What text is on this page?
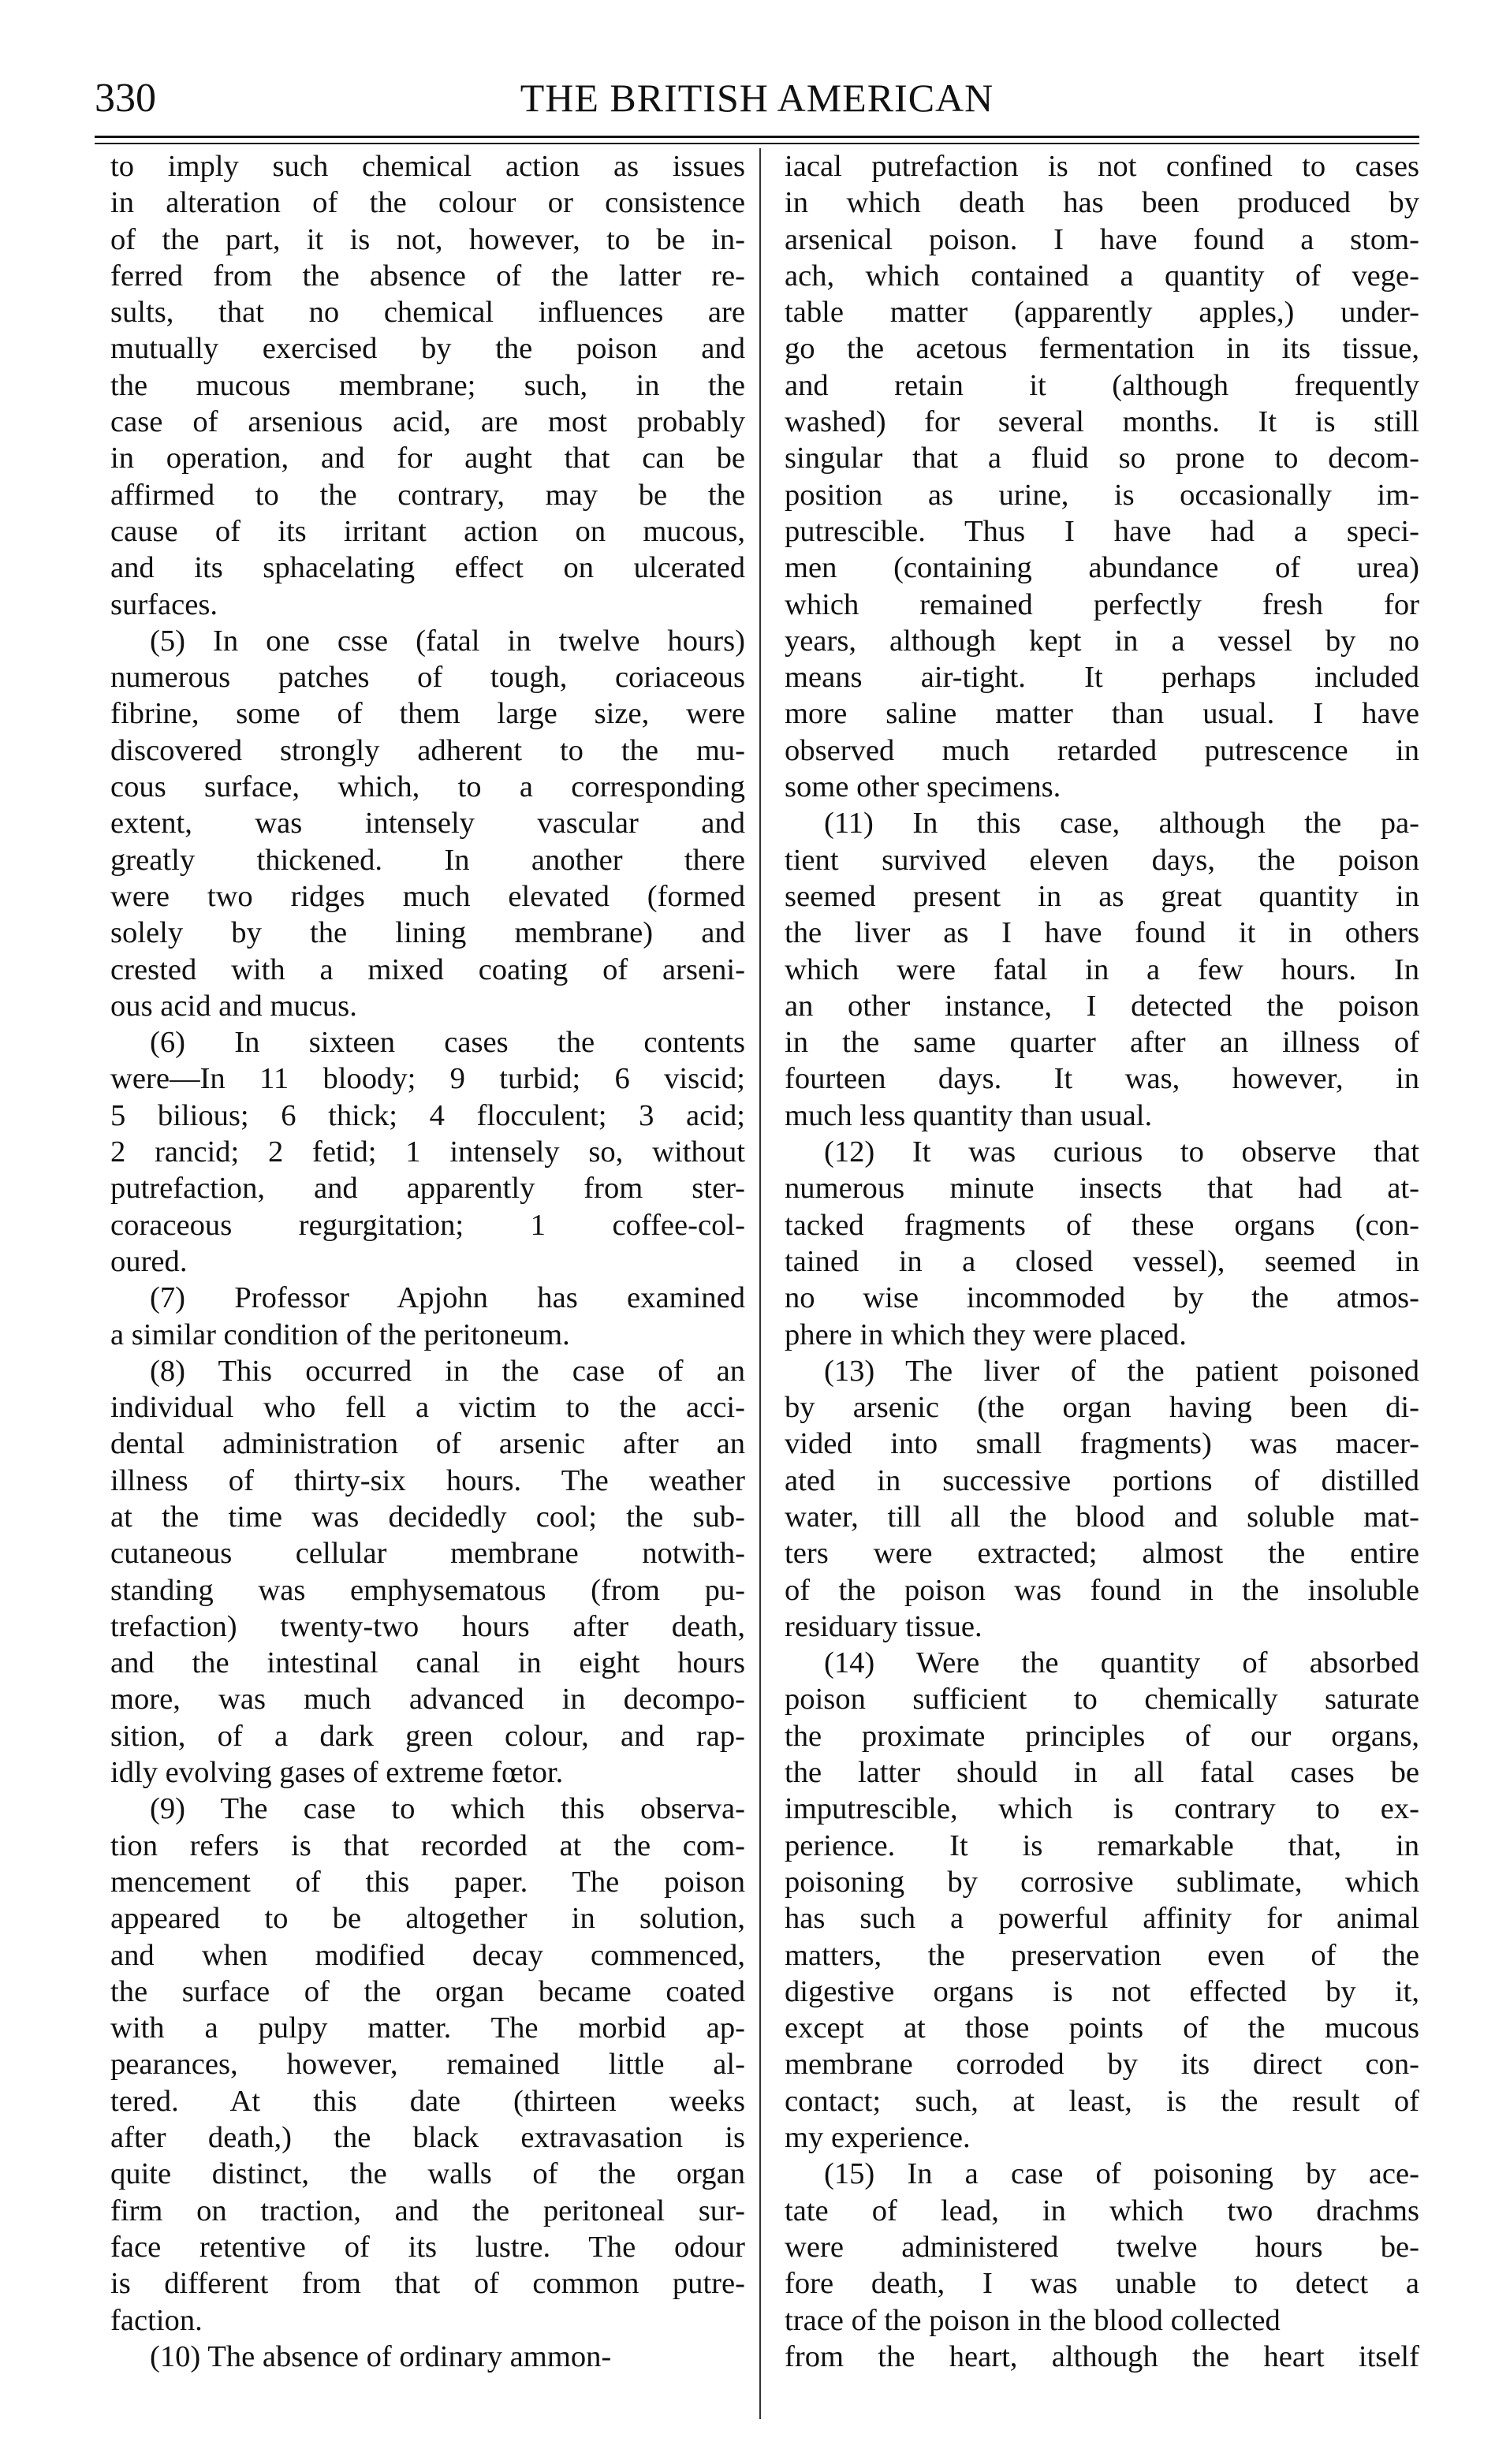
330	THE BRITISH AMERICAN
to imply such chemical action as issues
in alteration of the colour or consistence
of the part, it is not, however, to be in-
ferred from the absence of the latter re-
sults, that no chemical influences are
mutually exercised by the poison and
the mucous membrane; such, in the
case of arsenious acid, are most probably
in operation, and for aught that can be
affirmed to the contrary, may be the
cause of its irritant action on mucous,
and its sphacelating effect on ulcerated
surfaces.
(5) In one csse (fatal in twelve hours)
numerous patches of tough, coriaceous
fibrine, some of them large size, were
discovered strongly adherent to the mu-
cous surface, which, to a corresponding
extent, was intensely vascular and
greatly thickened. In another there
were two ridges much elevated (formed
solely by the lining membrane) and
crested with a mixed coating of arseni-
ous acid and mucus.
(6) In sixteen cases the contents
were—In 11 bloody; 9 turbid; 6 viscid;
5 bilious; 6 thick; 4 flocculent; 3 acid;
2 rancid; 2 fetid; 1 intensely so, without
putrefaction, and apparently from ster-
coraceous regurgitation; 1 coffee-col-
oured.
(7) Professor Apjohn has examined
a similar condition of the peritoneum.
(8) This occurred in the case of an
individual who fell a victim to the acci-
dental administration of arsenic after an
illness of thirty-six hours. The weather
at the time was decidedly cool; the sub-
cutaneous cellular membrane notwith-
standing was emphysematous (from pu-
trefaction) twenty-two hours after death,
and the intestinal canal in eight hours
more, was much advanced in decompo-
sition, of a dark green colour, and rap-
idly evolving gases of extreme fœtor.
(9) The case to which this observa-
tion refers is that recorded at the com-
mencement of this paper. The poison
appeared to be altogether in solution,
and when modified decay commenced,
the surface of the organ became coated
with a pulpy matter. The morbid ap-
pearances, however, remained little al-
tered. At this date (thirteen weeks
after death,) the black extravasation is
quite distinct, the walls of the organ
firm on traction, and the peritoneal sur-
face retentive of its lustre. The odour
is different from that of common putre-
faction.
(10) The absence of ordinary ammon-
iacal putrefaction is not confined to cases
in which death has been produced by
arsenical poison. I have found a stom-
ach, which contained a quantity of vege-
table matter (apparently apples,) under-
go the acetous fermentation in its tissue,
and retain it (although frequently
washed) for several months. It is still
singular that a fluid so prone to decom-
position as urine, is occasionally im-
putrescible. Thus I have had a speci-
men (containing abundance of urea)
which remained perfectly fresh for
years, although kept in a vessel by no
means air-tight. It perhaps included
more saline matter than usual. I have
observed much retarded putrescence in
some other specimens.
(11) In this case, although the pa-
tient survived eleven days, the poison
seemed present in as great quantity in
the liver as I have found it in others
which were fatal in a few hours. In
an other instance, I detected the poison
in the same quarter after an illness of
fourteen days. It was, however, in
much less quantity than usual.
(12) It was curious to observe that
numerous minute insects that had at-
tacked fragments of these organs (con-
tained in a closed vessel), seemed in
no wise incommoded by the atmos-
phere in which they were placed.
(13) The liver of the patient poisoned
by arsenic (the organ having been di-
vided into small fragments) was macer-
ated in successive portions of distilled
water, till all the blood and soluble mat-
ters were extracted; almost the entire
of the poison was found in the insoluble
residuary tissue.
(14) Were the quantity of absorbed
poison sufficient to chemically saturate
the proximate principles of our organs,
the latter should in all fatal cases be
imputrescible, which is contrary to ex-
perience. It is remarkable that, in
poisoning by corrosive sublimate, which
has such a powerful affinity for animal
matters, the preservation even of the
digestive organs is not effected by it,
except at those points of the mucous
membrane corroded by its direct con-
contact; such, at least, is the result of
my experience.
(15) In a case of poisoning by ace-
tate of lead, in which two drachms
were administered twelve hours be-
fore death, I was unable to detect a
trace of the poison in the blood collected
from the heart, although the heart itself
